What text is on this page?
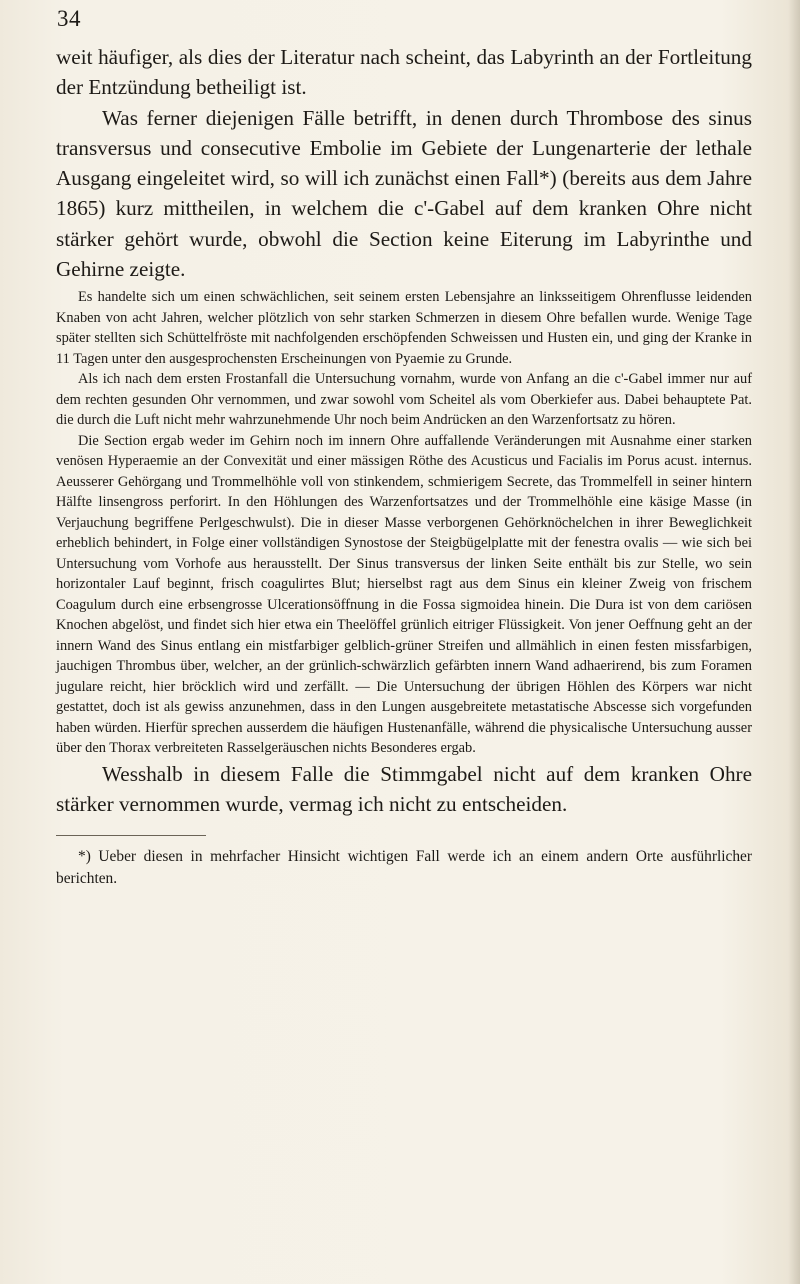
34

weit häufiger, als dies der Literatur nach scheint, das Labyrinth an der Fortleitung der Entzündung betheiligt ist.

Was ferner diejenigen Fälle betrifft, in denen durch Thrombose des sinus transversus und consecutive Embolie im Gebiete der Lungenarterie der lethale Ausgang eingeleitet wird, so will ich zunächst einen Fall*) (bereits aus dem Jahre 1865) kurz mittheilen, in welchem die c'-Gabel auf dem kranken Ohre nicht stärker gehört wurde, obwohl die Section keine Eiterung im Labyrinthe und Gehirne zeigte.

Es handelte sich um einen schwächlichen, seit seinem ersten Lebensjahre an linksseitigem Ohrenflusse leidenden Knaben von acht Jahren, welcher plötzlich von sehr starken Schmerzen in diesem Ohre befallen wurde. Wenige Tage später stellten sich Schüttelfröste mit nachfolgenden erschöpfenden Schweissen und Husten ein, und ging der Kranke in 11 Tagen unter den ausgesprochensten Erscheinungen von Pyaemie zu Grunde.

Als ich nach dem ersten Frostanfall die Untersuchung vornahm, wurde von Anfang an die c'-Gabel immer nur auf dem rechten gesunden Ohr vernommen, und zwar sowohl vom Scheitel als vom Oberkiefer aus. Dabei behauptete Pat. die durch die Luft nicht mehr wahrzunehmende Uhr noch beim Andrücken an den Warzenfortsatz zu hören.

Die Section ergab weder im Gehirn noch im innern Ohre auffallende Veränderungen mit Ausnahme einer starken venösen Hyperaemie an der Convexität und einer mässigen Röthe des Acusticus und Facialis im Porus acust. internus. Aeusserer Gehörgang und Trommelhöhle voll von stinkendem, schmierigem Secrete, das Trommelfell in seiner hintern Hälfte linsengross perforirt. In den Höhlungen des Warzenfortsatzes und der Trommelhöhle eine käsige Masse (in Verjauchung begriffene Perlgeschwulst). Die in dieser Masse verborgenen Gehörknöchelchen in ihrer Beweglichkeit erheblich behindert, in Folge einer vollständigen Synostose der Steigbügelplatte mit der fenestra ovalis — wie sich bei Untersuchung vom Vorhofe aus herausstellt. Der Sinus transversus der linken Seite enthält bis zur Stelle, wo sein horizontaler Lauf beginnt, frisch coagulirtes Blut; hierselbst ragt aus dem Sinus ein kleiner Zweig von frischem Coagulum durch eine erbsengrosse Ulcerationsöffnung in die Fossa sigmoidea hinein. Die Dura ist von dem cariösen Knochen abgelöst, und findet sich hier etwa ein Theelöffel grünlich eitriger Flüssigkeit. Von jener Oeffnung geht an der innern Wand des Sinus entlang ein mistfarbiger gelblich-grüner Streifen und allmählich in einen festen missfarbigen, jauchigen Thrombus über, welcher, an der grünlich-schwärzlich gefärbten innern Wand adhaerirend, bis zum Foramen jugulare reicht, hier bröcklich wird und zerfällt. — Die Untersuchung der übrigen Höhlen des Körpers war nicht gestattet, doch ist als gewiss anzunehmen, dass in den Lungen ausgebreitete metastatische Abscesse sich vorgefunden haben würden. Hierfür sprechen ausserdem die häufigen Hustenanfälle, während die physicalische Untersuchung ausser über den Thorax verbreiteten Rasselgeräuschen nichts Besonderes ergab.

Wesshalb in diesem Falle die Stimmgabel nicht auf dem kranken Ohre stärker vernommen wurde, vermag ich nicht zu entscheiden.

*) Ueber diesen in mehrfacher Hinsicht wichtigen Fall werde ich an einem andern Orte ausführlicher berichten.
